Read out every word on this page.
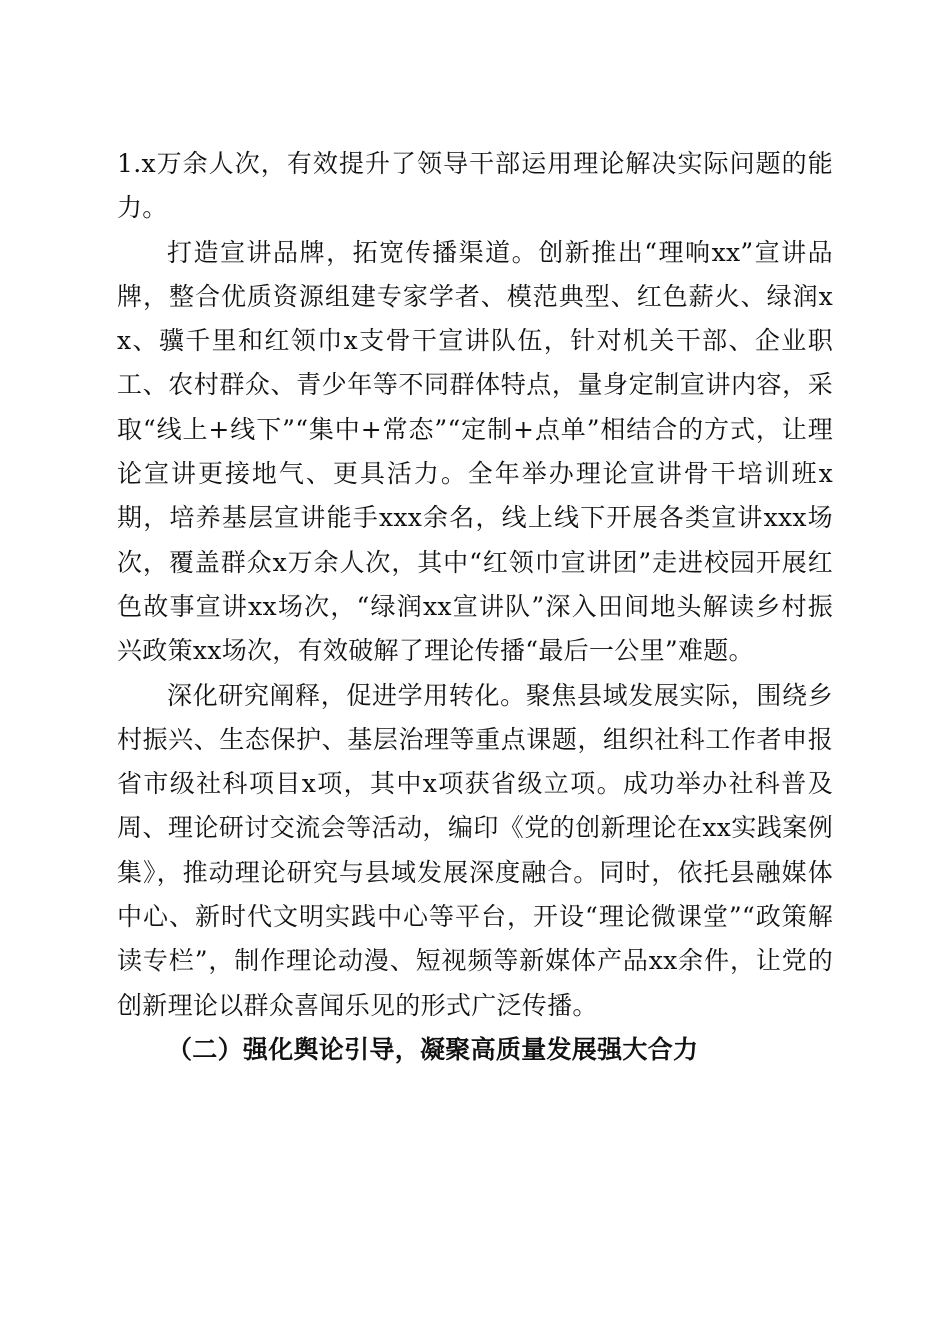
1.x万余人次，有效提升了领导干部运用理论解决实际问题的能力。

打造宣讲品牌，拓宽传播渠道。创新推出“理响xx”宣讲品牌，整合优质资源组建专家学者、模范典型、红色薪火、绿润xx、骥千里和红领巾x支骨干宣讲队伍，针对机关干部、企业职工、农村群众、青少年等不同群体特点，量身定制宣讲内容，采取“线上+线下”“集中+常态”“定制+点单”相结合的方式，让理论宣讲更接地气、更具活力。全年举办理论宣讲骨干培训班x期，培养基层宣讲能手xxx余名，线上线下开展各类宣讲xxx场次，覆盖群众x万余人次，其中“红领巾宣讲团”走进校园开展红色故事宣讲xx场次，“绿润xx宣讲队”深入田间地头解读乡村振兴政策xx场次，有效破解了理论传播“最后一公里”难题。

深化研究阐释，促进学用转化。聚焦县域发展实际，围绕乡村振兴、生态保护、基层治理等重点课题，组织社科工作者申报省市级社科项目x项，其中x项获省级立项。成功举办社科普及周、理论研讨交流会等活动，编印《党的创新理论在xx实践案例集》，推动理论研究与县域发展深度融合。同时，依托县融媒体中心、新时代文明实践中心等平台，开设“理论微课堂”“政策解读专栏”，制作理论动漫、短视频等新媒体产品xx余件，让党的创新理论以群众喜闻乐见的形式广泛传播。

（二）强化舆论引导，凝聚高质量发展强大合力
